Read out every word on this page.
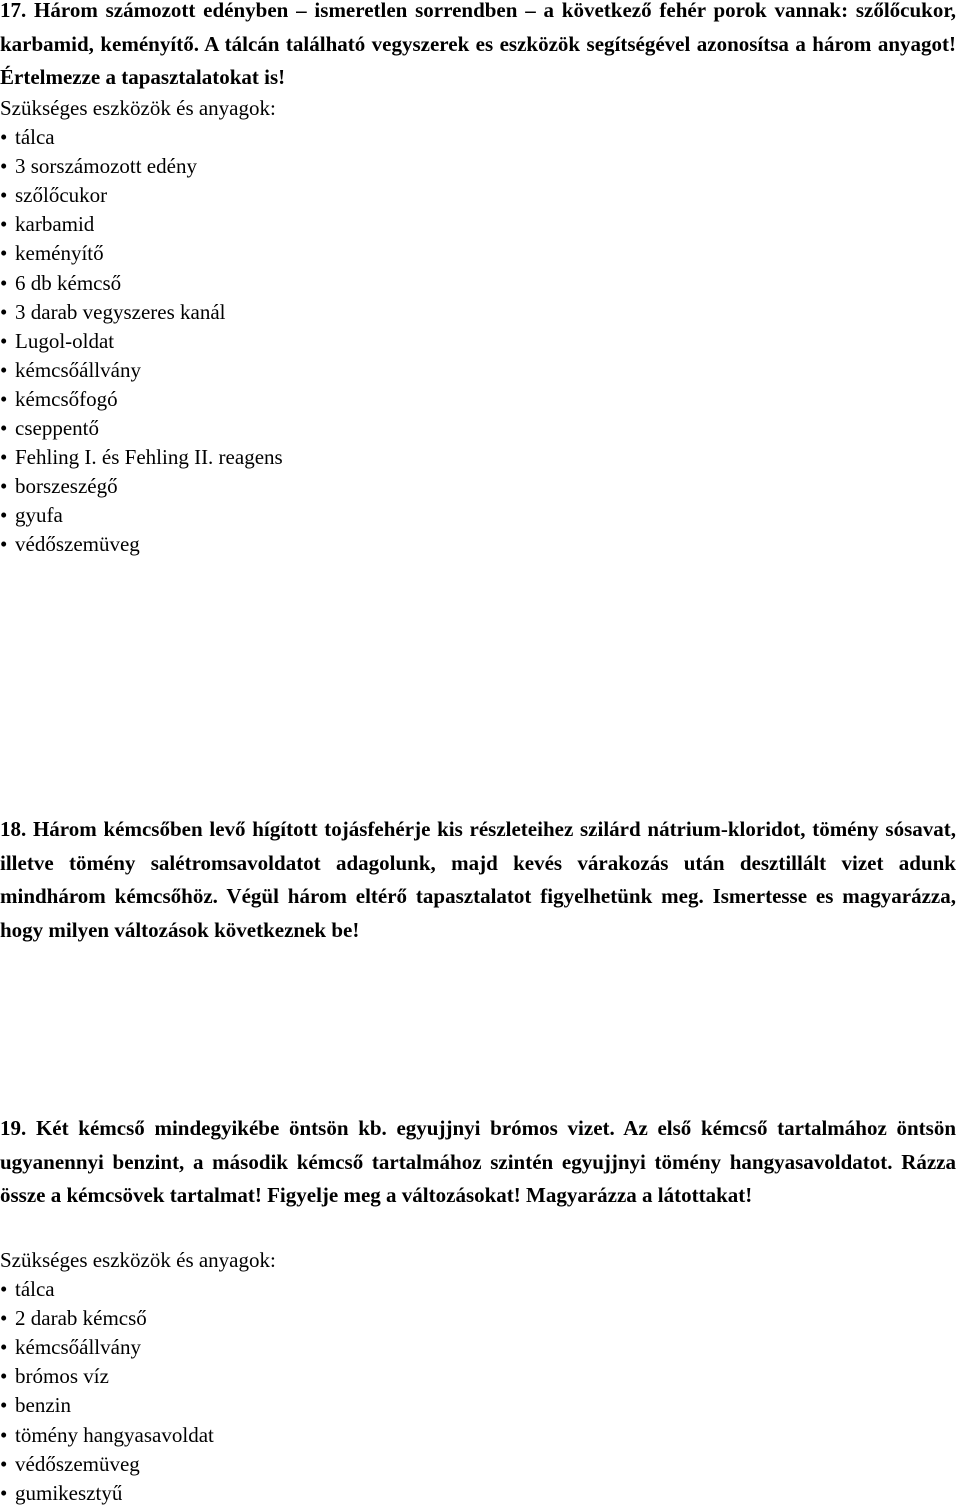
17. Három számozott edényben – ismeretlen sorrendben – a következő fehér porok vannak: szőlőcukor, karbamid, keményítő. A tálcán található vegyszerek es eszközök segítségével azonosítsa a három anyagot! Értelmezze a tapasztalatokat is!
Szükséges eszközök és anyagok:
• tálca
• 3 sorszámozott edény
• szőlőcukor
• karbamid
• keményítő
• 6 db kémcső
• 3 darab vegyszeres kanál
• Lugol-oldat
• kémcsőállvány
• kémcsőfogó
• cseppentő
• Fehling I. és Fehling II. reagens
• borszeszégő
• gyufa
• védőszemüveg
18. Három kémcsőben levő hígított tojásfehérje kis részleteihez szilárd nátrium-kloridot, tömény sósavat, illetve tömény salétromsavoldatot adagolunk, majd kevés várakozás után desztillált vizet adunk mindhárom kémcsőhöz. Végül három eltérő tapasztalatot figyelhetünk meg. Ismertesse es magyarázza, hogy milyen változások következnek be!
19. Két kémcső mindegyikébe öntsön kb. egyujjnyi brómos vizet. Az első kémcső tartalmához öntsön ugyanennyi benzint, a második kémcső tartalmához szintén egyujjnyi tömény hangyasavoldatot. Rázza össze a kémcsövek tartalmat! Figyelje meg a változásokat! Magyarázza a látottakat!
Szükséges eszközök és anyagok:
• tálca
• 2 darab kémcső
• kémcsőállvány
• brómos víz
• benzin
• tömény hangyasavoldat
• védőszemüveg
• gumikesztyű
